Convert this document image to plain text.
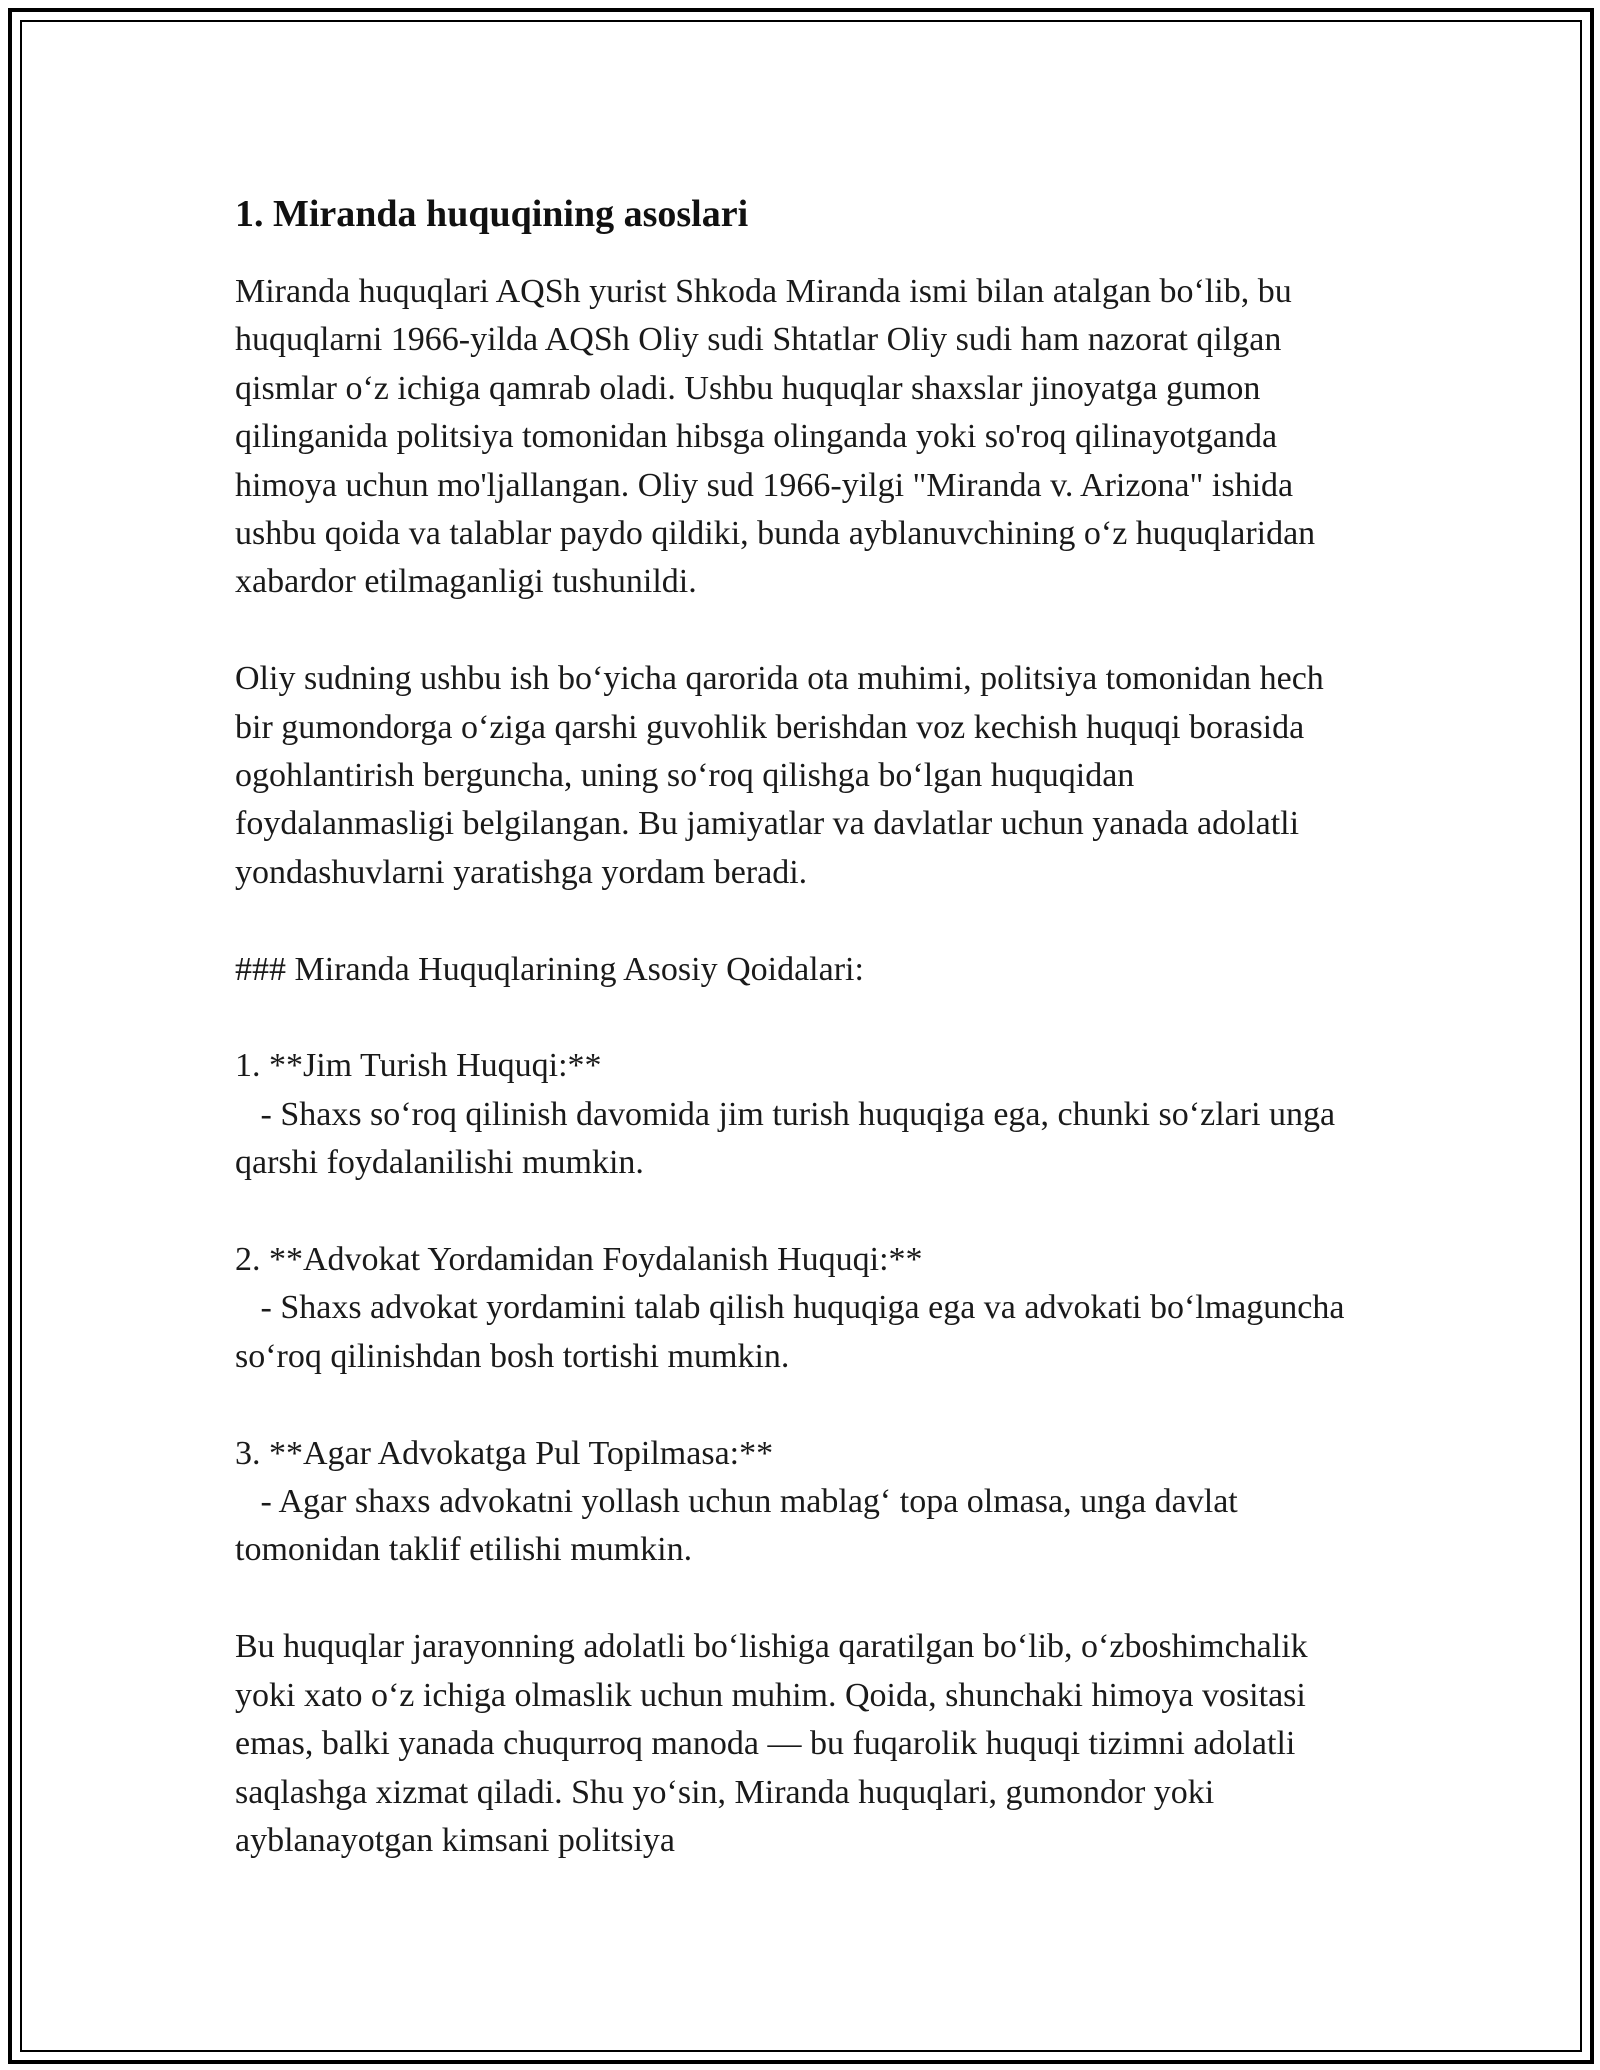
1. Miranda huquqining asoslari

Miranda huquqlari AQSh yurist Shkoda Miranda ismi bilan atalgan bo‘lib, bu huquqlarni 1966-yilda AQSh Oliy sudi Shtatlar Oliy sudi ham nazorat qilgan qismlar o‘z ichiga qamrab oladi. Ushbu huquqlar shaxslar jinoyatga gumon qilinganida politsiya tomonidan hibsga olinganda yoki so'roq qilinayotganda himoya uchun mo'ljallangan. Oliy sud 1966-yilgi "Miranda v. Arizona" ishida ushbu qoida va talablar paydo qildiki, bunda ayblanuvchining o‘z huquqlaridan xabardor etilmaganligi tushunildi.

Oliy sudning ushbu ish bo‘yicha qarorida ota muhimi, politsiya tomonidan hech bir gumondorga o‘ziga qarshi guvohlik berishdan voz kechish huquqi borasida ogohlantirish berguncha, uning so‘roq qilishga bo‘lgan huquqidan foydalanmasligi belgilangan. Bu jamiyatlar va davlatlar uchun yanada adolatli yondashuvlarni yaratishga yordam beradi.

### Miranda Huquqlarining Asosiy Qoidalari:

1. **Jim Turish Huquqi:**

- Shaxs so‘roq qilinish davomida jim turish huquqiga ega, chunki so‘zlari unga qarshi foydalanilishi mumkin.

2. **Advokat Yordamidan Foydalanish Huquqi:**

- Shaxs advokat yordamini talab qilish huquqiga ega va advokati bo‘lmaguncha so‘roq qilinishdan bosh tortishi mumkin.

3. **Agar Advokatga Pul Topilmasa:**

- Agar shaxs advokatni yollash uchun mablag‘ topa olmasa, unga davlat tomonidan taklif etilishi mumkin.

Bu huquqlar jarayonning adolatli bo‘lishiga qaratilgan bo‘lib, o‘zboshimchalik yoki xato o‘z ichiga olmaslik uchun muhim. Qoida, shunchaki himoya vositasi emas, balki yanada chuqurroq manoda — bu fuqarolik huquqi tizimni adolatli saqlashga xizmat qiladi. Shu yo‘sin, Miranda huquqlari, gumondor yoki ayblanayotgan kimsani politsiya
